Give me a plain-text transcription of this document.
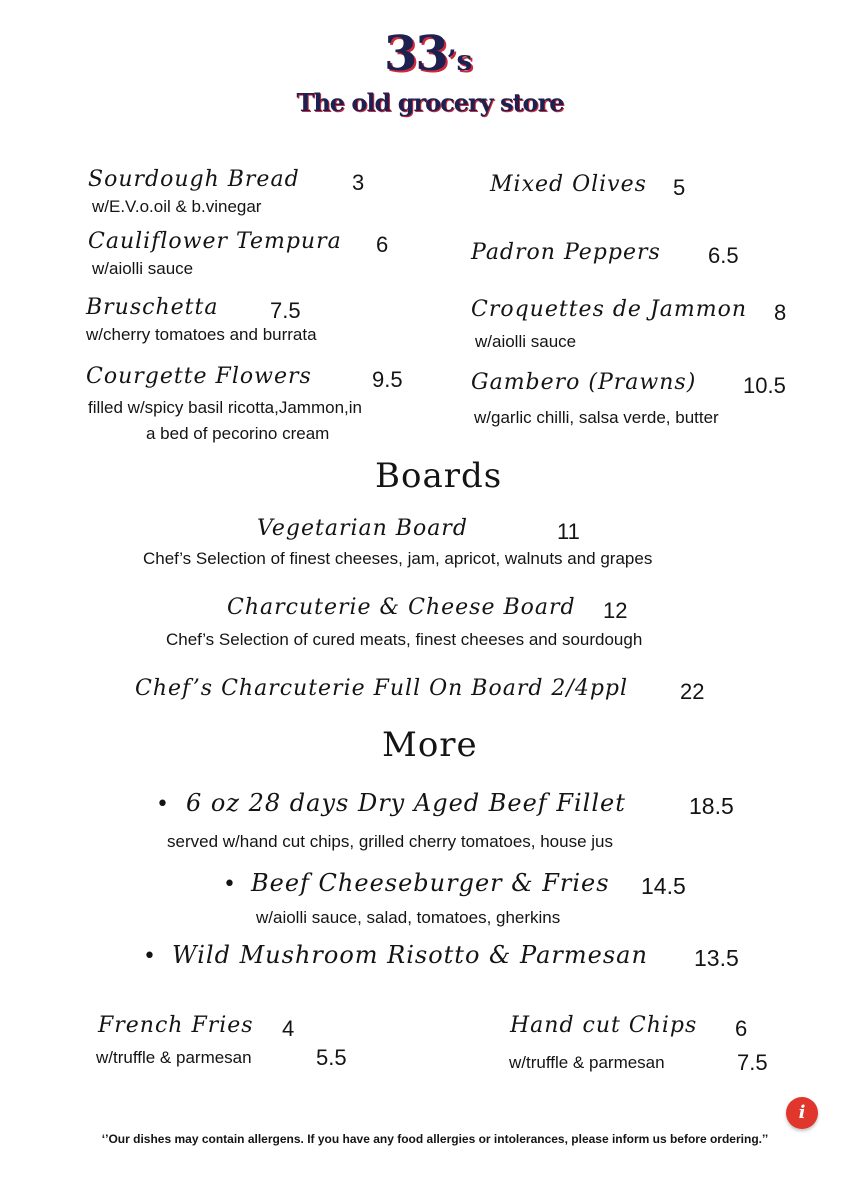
33’s
The old grocery store
Sourdough Bread 3
w/E.V.o.oil & b.vinegar
Cauliflower Tempura 6
w/aiolli sauce
Bruschetta 7.5
w/cherry tomatoes and burrata
Courgette Flowers	9.5
filled w/spicy basil ricotta,Jammon,in
a bed of pecorino cream
Mixed Olives 5
Padron Peppers 6.5
Croquettes de Jammon 8
w/aiolli sauce
Gambero (Prawns) 10.5
w/garlic chilli, salsa verde, butter
Boards
Vegetarian Board	11
Chef’s Selection of finest cheeses, jam, apricot, walnuts and grapes
Charcuterie & Cheese Board 12
Chef’s Selection of cured meats, finest cheeses and sourdough
Chef’s Charcuterie Full On Board 2/4ppl 22
More
• 6 oz 28 days Dry Aged Beef Fillet	18.5
served w/hand cut chips, grilled cherry tomatoes, house jus
• Beef Cheeseburger & Fries 14.5
w/aiolli sauce, salad, tomatoes, gherkins
• Wild Mushroom Risotto & Parmesan 13.5
French Fries 4
w/truffle & parmesan	5.5
Hand cut Chips 6
w/truffle & parmesan	7.5
i
‘’Our dishes may contain allergens. If you have any food allergies or intolerances, please inform us before ordering.’’
